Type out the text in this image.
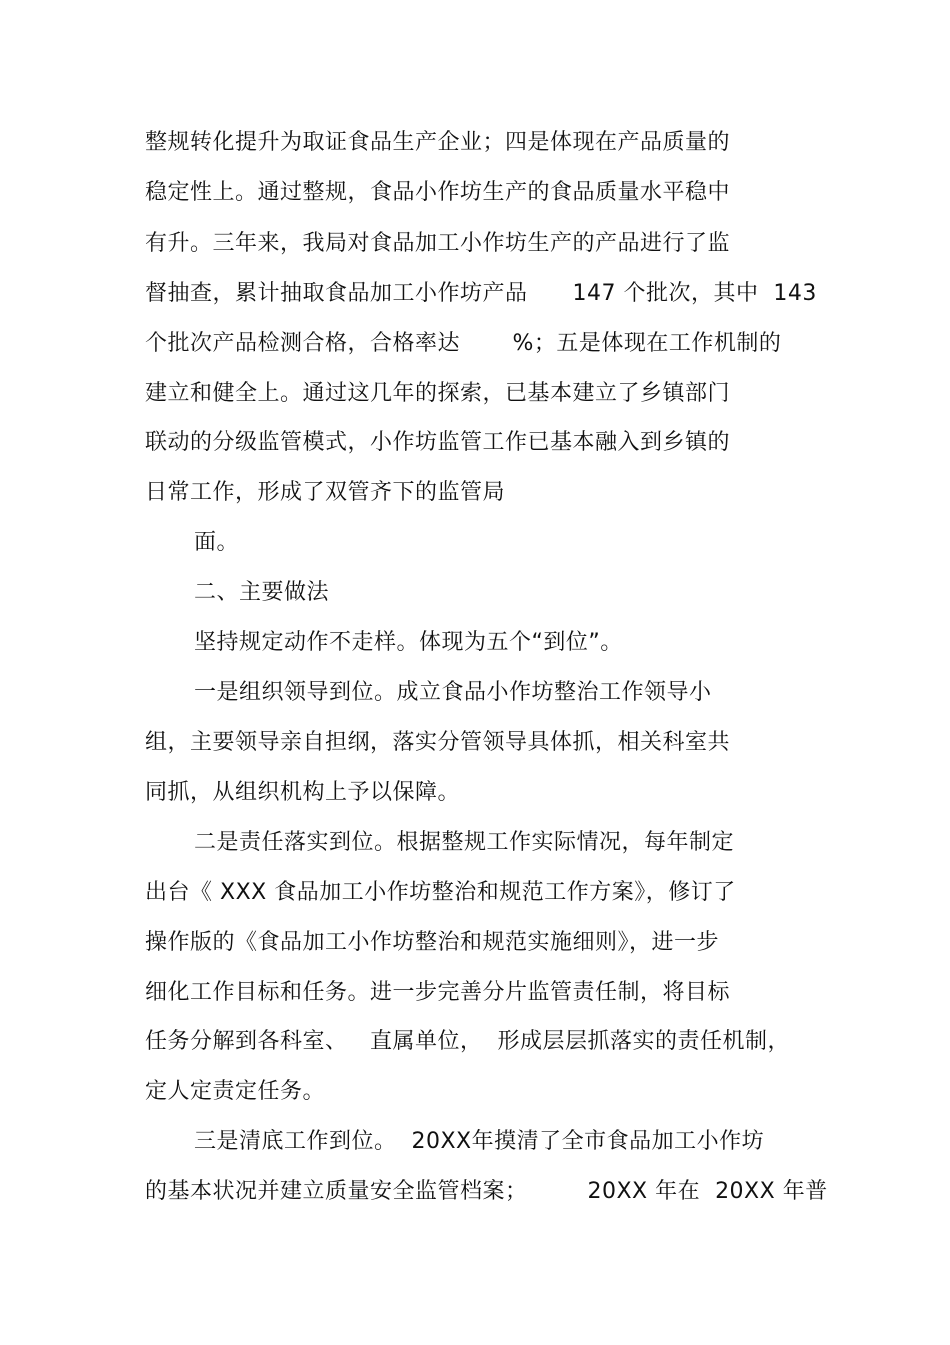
整规转化提升为取证食品生产企业；四是体现在产品质量的
稳定性上。通过整规，食品小作坊生产的食品质量水平稳中
有升。三年来，我局对食品加工小作坊生产的产品进行了监
督抽查，累计抽取食品加工小作坊产品      147 个批次，其中  143
个批次产品检测合格，合格率达       %；五是体现在工作机制的
建立和健全上。通过这几年的探索，已基本建立了乡镇部门
联动的分级监管模式，小作坊监管工作已基本融入到乡镇的
日常工作，形成了双管齐下的监管局
面。
二、主要做法
坚持规定动作不走样。体现为五个“到位”。
一是组织领导到位。成立食品小作坊整治工作领导小
组，主要领导亲自担纲，落实分管领导具体抓，相关科室共
同抓，从组织机构上予以保障。
二是责任落实到位。根据整规工作实际情况，每年制定
出台《 XXX 食品加工小作坊整治和规范工作方案》，修订了
操作版的《食品加工小作坊整治和规范实施细则》，进一步
细化工作目标和任务。进一步完善分片监管责任制，将目标
任务分解到各科室、   直属单位，  形成层层抓落实的责任机制，
定人定责定任务。
三是清底工作到位。  20XX年摸清了全市食品加工小作坊
的基本状况并建立质量安全监管档案；        20XX 年在  20XX 年普
